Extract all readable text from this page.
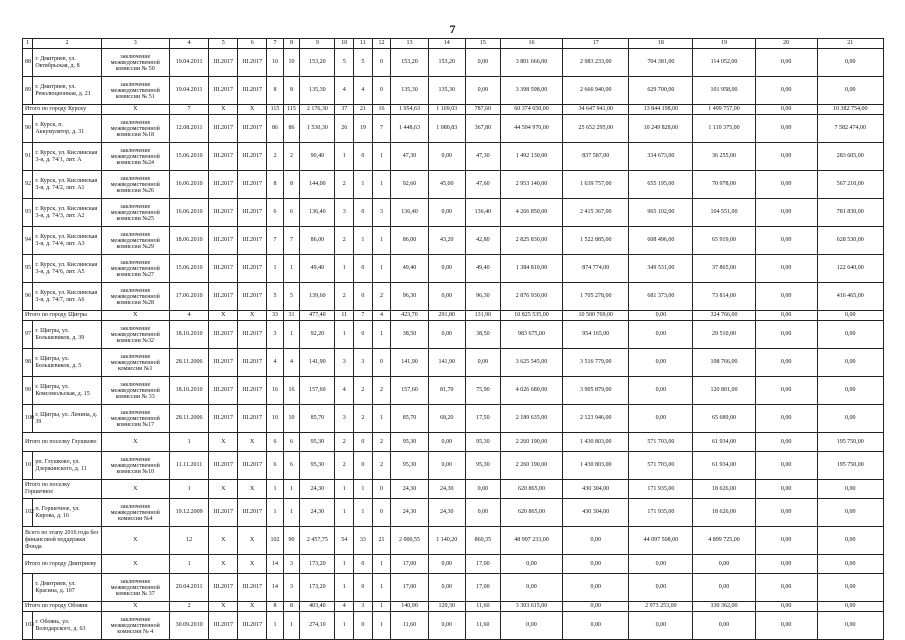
7
1	2	3	4	5	6	7	8	9	10	11	12	13	14	15	16	17	18	19	20	21
88	г. Дмитриев, ул. Октябрьская, д. 8	заключение межведомственной комиссии № 50	19.04.2011	III.2017	III.2017	10	10	153,20	5	5	0	153,20	153,20	0,00	3 801 666,00	2 983 233,00	704 381,00	114 052,00	0,00	0,00
89	г. Дмитриев, ул. Революционная, д. 21	заключение межведомственной комиссии № 51	19.04.2011	III.2017	III.2017	8	8	135,30	4	4	0	135,30	135,30	0,00	3 398 598,00	2 666 940,00	629 700,00	101 958,00	0,00	0,00
Итого по городу Курску		X	7	X	X	115	115	2 176,30	37	21	16	1 954,63	1 169,03	787,60	60 374 650,00	34 647 941,00	13 844 198,00	1 499 757,00	0,00	10 382 754,00
90	г. Курск, п. Аккумулятор, д. 31	заключение межведомственной комиссии №18	12.08.2011	III.2017	III.2017	86	86	1 530,30	26	19	7	1 448,63	1 080,83	367,80	44 594 970,00	25 652 295,00	10 249 828,00	1 110 375,00	0,00	7 582 474,00
91	г. Курск, ул. Кислинская 3-я, д. 74/1, лит. А	заключение межведомственной комиссии №24	15.06.2010	III.2017	III.2017	2	2	90,40	1	0	1	47,30	0,00	47,30	1 492 130,00	837 587,00	334 673,00	36 255,00	0,00	283 605,00
92	г. Курск, ул. Кислинская 3-я, д. 74/2, лит. А1	заключение межведомственной комиссии №26	16.06.2010	III.2017	III.2017	8	8	144,00	2	1	1	92,60	45,00	47,60	2 953 140,00	1 639 757,00	655 195,00	70 978,00	0,00	567 210,00
93	г. Курск, ул. Кислинская 3-я, д. 74/3, лит. А2	заключение межведомственной комиссии №25	16.06.2010	III.2017	III.2017	6	6	136,40	3	0	3	136,40	0,00	136,40	4 266 850,00	2 415 367,00	965 102,00	104 551,00	0,00	781 830,00
94	г. Курск, ул. Кислинская 3-я, д. 74/4, лит. А3	заключение межведомственной комиссии №29	18.06.2010	III.2017	III.2017	7	7	86,00	2	1	1	86,00	43,20	42,80	2 825 830,00	1 522 885,00	608 496,00	65 919,00	0,00	628 530,00
95	г. Курск, ул. Кислинская 3-я, д. 74/6, лит. А5	заключение межведомственной комиссии №27	15.06.2010	III.2017	III.2017	1	1	49,40	1	0	1	49,40	0,00	49,40	1 384 810,00	874 774,00	349 531,00	37 865,00	0,00	122 640,00
96	г. Курск, ул. Кислинская 3-я, д. 74/7, лит. А6	заключение межведомственной комиссии №28	17.06.2010	III.2017	III.2017	5	5	139,60	2	0	2	96,30	0,00	96,30	2 876 930,00	1 705 278,00	681 373,00	73 814,00	0,00	416 465,00
Итого по городу Щигры		X	4	X	X	33	31	477,40	11	7	4	423,70	291,80	131,90	10 825 535,00	10 500 769,00	0,00	324 766,00	0,00	0,00
97	г. Щигры, ул. Большевиков, д. 39	заключение межведомственной комиссии №32	18.10.2010	III.2017	III.2017	3	1	92,20	1	0	1	38,50	0,00	38,50	983 675,00	954 165,00	0,00	29 510,00	0,00	0,00
98	г. Щигры, ул. Большевиков, д. 5	заключение межведомственной комиссии №1	28.11.2006	III.2017	III.2017	4	4	141,90	3	3	0	141,90	141,90	0,00	3 625 545,00	3 516 779,00	0,00	108 766,00	0,00	0,00
99	г. Щигры, ул. Комсомольская, д. 15	заключение межведомственной комиссии № 33	18.10.2010	III.2017	III.2017	16	16	157,60	4	2	2	157,60	81,70	75,90	4 026 680,00	3 905 879,00	0,00	120 801,00	0,00	0,00
100	г. Щигры, ул. Ленина, д. 39	заключение межведомственной комиссии №17	28.11.2006	III.2017	III.2017	10	10	85,70	3	2	1	85,70	68,20	17,50	2 189 635,00	2 123 946,00	0,00	65 689,00	0,00	0,00
Итого по поселку Глушково		X	1	X	X	6	6	95,30	2	0	2	95,30	0,00	95,30	2 260 190,00	1 430 803,00	571 703,00	61 934,00	0,00	195 750,00
101	рп. Глушково, ул. Дзержинского, д. 11	заключение межведомственной комиссии №10	11.11.2011	III.2017	III.2017	6	6	95,30	2	0	2	95,30	0,00	95,30	2 260 190,00	1 430 803,00	571 703,00	61 934,00	0,00	195 750,00
Итого по поселку Горшечное		X	1	X	X	1	1	24,30	1	1	0	24,30	24,30	0,00	620 865,00	430 304,00	171 935,00	18 626,00	0,00	0,00
102	п. Горшечное, ул. Кирова, д. 16	заключение межведомственной комиссии №4	19.12.2009	III.2017	III.2017	1	1	24,30	1	1	0	24,30	24,30	0,00	620 865,00	430 304,00	171 935,00	18 626,00	0,00	0,00
Всего по этапу 2016 года без финансовой поддержки Фонда		X	12	X	X	102	90	2 457,75	54	33	21	2 000,55	1 140,20	860,35	48 997 233,00	0,00	44 097 508,00	4 899 725,00	0,00	0,00
Итого по городу Дмитриеву		X	1	X	X	14	3	173,20	1	0	1	17,00	0,00	17,00	0,00	0,00	0,00	0,00	0,00	0,00
	г. Дмитриев, ул. Красина, д. 107	заключение межведомственной комиссии № 37	20.04.2011	III.2017	III.2017	14	3	173,20	1	0	1	17,00	0,00	17,00	0,00	0,00	0,00	0,00	0,00	0,00
Итого по городу Обояни		X	2	X	X	8	8	403,40	4	3	1	140,90	129,30	11,60	3 303 615,00	0,00	2 973 253,00	330 362,00	0,00	0,00
103	г. Обоянь, ул. Володарского, д. 63	заключение межведомственной комиссии № 4	30.09.2010	III.2017	III.2017	1	1	274,10	1	0	1	11,60	0,00	11,60	0,00	0,00	0,00	0,00	0,00	0,00
